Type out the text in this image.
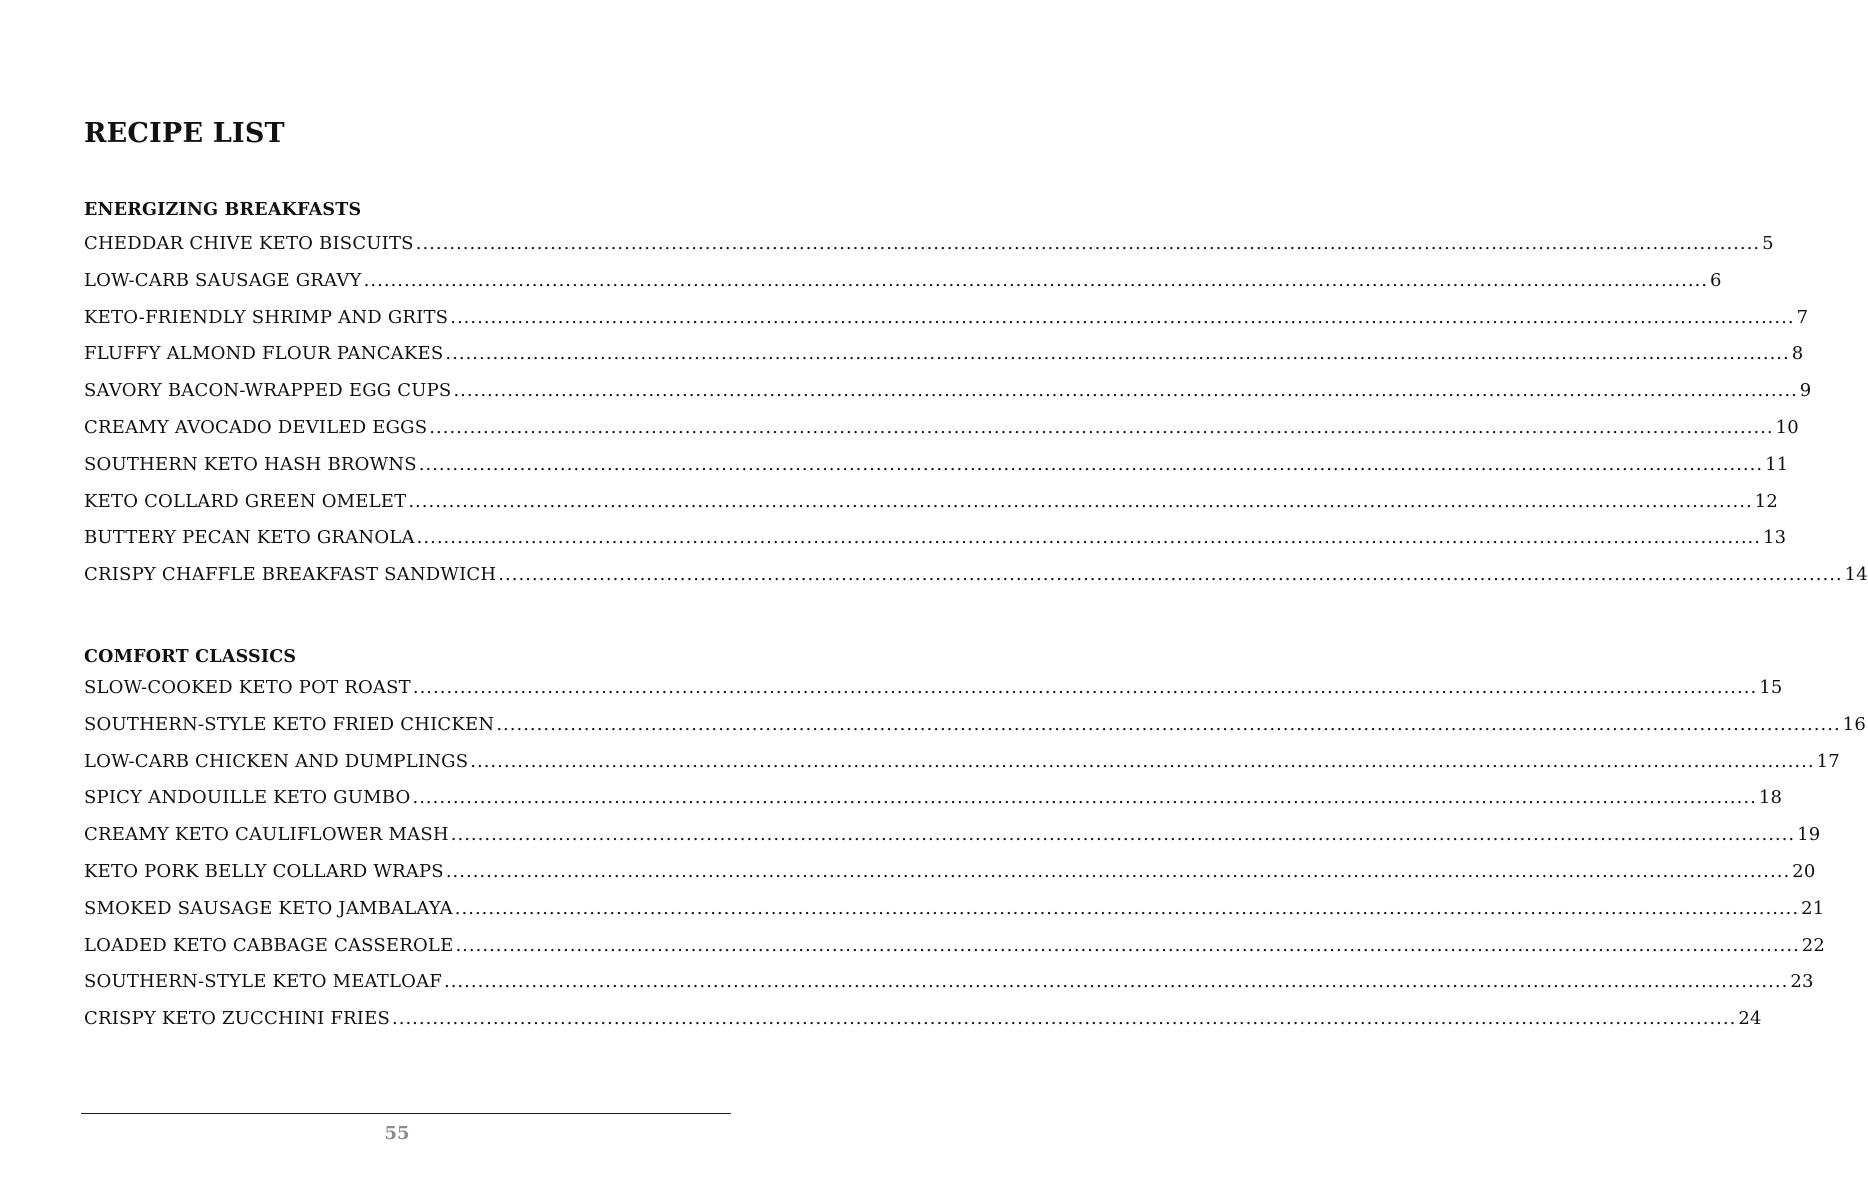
RECIPE LIST
ENERGIZING BREAKFASTS
CHEDDAR CHIVE KETO BISCUITS ........................................................................................................................................................................................................ 5
LOW-CARB SAUSAGE GRAVY ........................................................................................................................................................................................................ 6
KETO-FRIENDLY SHRIMP AND GRITS ........................................................................................................................................................................................................ 7
FLUFFY ALMOND FLOUR PANCAKES ........................................................................................................................................................................................................ 8
SAVORY BACON-WRAPPED EGG CUPS ........................................................................................................................................................................................................ 9
CREAMY AVOCADO DEVILED EGGS ........................................................................................................................................................................................................ 10
SOUTHERN KETO HASH BROWNS ........................................................................................................................................................................................................ 11
KETO COLLARD GREEN OMELET ........................................................................................................................................................................................................ 12
BUTTERY PECAN KETO GRANOLA ........................................................................................................................................................................................................ 13
CRISPY CHAFFLE BREAKFAST SANDWICH ........................................................................................................................................................................................................ 14
COMFORT CLASSICS
SLOW-COOKED KETO POT ROAST ........................................................................................................................................................................................................ 15
SOUTHERN-STYLE KETO FRIED CHICKEN ........................................................................................................................................................................................................ 16
LOW-CARB CHICKEN AND DUMPLINGS ........................................................................................................................................................................................................ 17
SPICY ANDOUILLE KETO GUMBO ........................................................................................................................................................................................................ 18
CREAMY KETO CAULIFLOWER MASH ........................................................................................................................................................................................................ 19
KETO PORK BELLY COLLARD WRAPS ........................................................................................................................................................................................................ 20
SMOKED SAUSAGE KETO JAMBALAYA ........................................................................................................................................................................................................ 21
LOADED KETO CABBAGE CASSEROLE ........................................................................................................................................................................................................ 22
SOUTHERN-STYLE KETO MEATLOAF ........................................................................................................................................................................................................ 23
CRISPY KETO ZUCCHINI FRIES ........................................................................................................................................................................................................ 24
55
